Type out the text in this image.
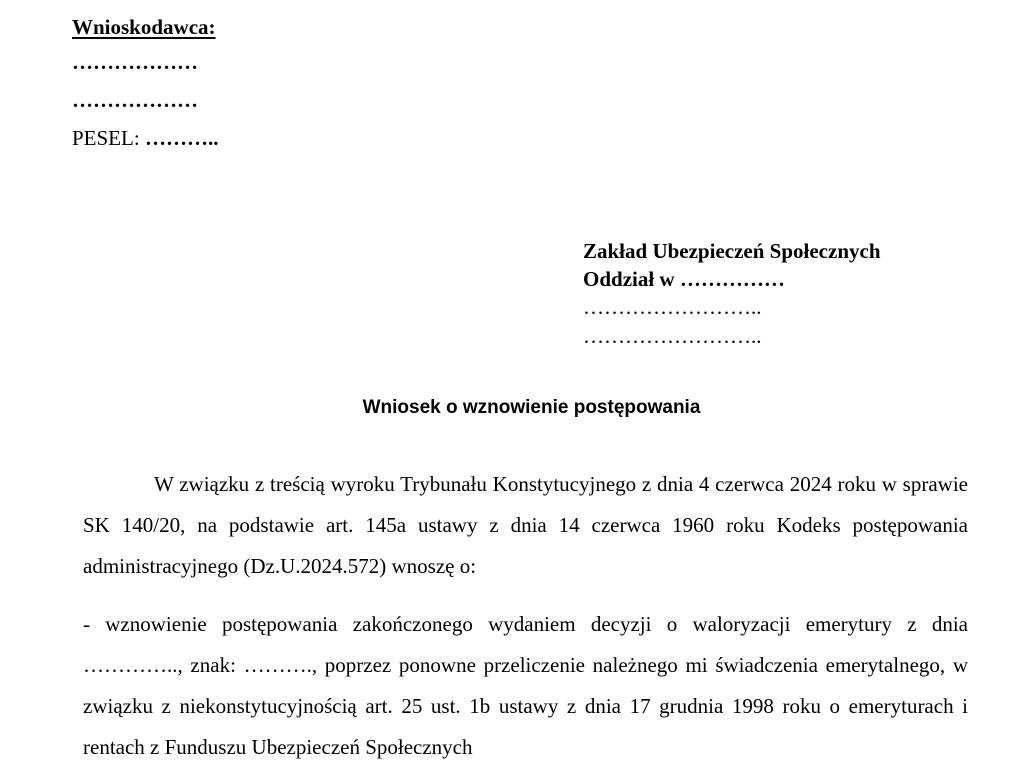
Wnioskodawca:
………………
………………
PESEL: ………..
Zakład Ubezpieczeń Społecznych
Oddział w ……………
……………………..
……………………..
Wniosek o wznowienie postępowania
W związku z treścią wyroku Trybunału Konstytucyjnego z dnia 4 czerwca 2024 roku w sprawie SK 140/20, na podstawie art. 145a ustawy z dnia 14 czerwca 1960 roku Kodeks postępowania administracyjnego (Dz.U.2024.572) wnoszę o:
- wznowienie postępowania zakończonego wydaniem decyzji o waloryzacji emerytury z dnia ………….., znak: ………., poprzez ponowne przeliczenie należnego mi świadczenia emerytalnego, w związku z niekonstytucyjnością art. 25 ust. 1b ustawy z dnia 17 grudnia 1998 roku o emeryturach i rentach z Funduszu Ubezpieczeń Społecznych
